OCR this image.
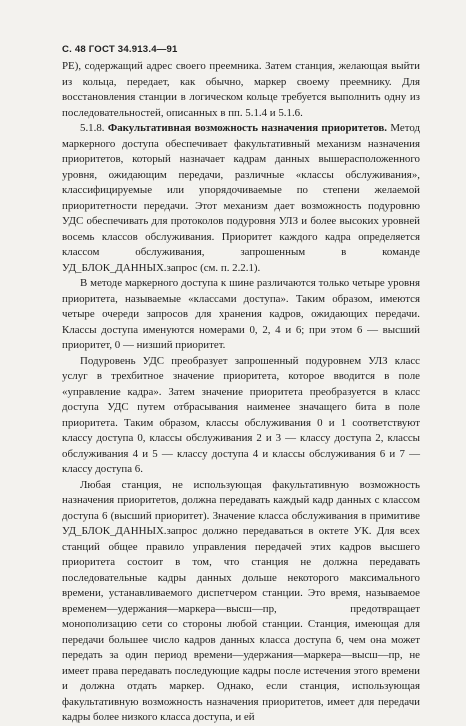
С. 48 ГОСТ 34.913.4—91

РЕ), содержащий адрес своего преемника. Затем станция, желающая выйти из кольца, передает, как обычно, маркер своему преемнику. Для восстановления станции в логическом кольце требуется выполнить одну из последовательностей, описанных в пп. 5.1.4 и 5.1.6.

5.1.8. Факультативная возможность назначения приоритетов. Метод маркерного доступа обеспечивает факультативный механизм назначения приоритетов, который назначает кадрам данных вышерасположенного уровня, ожидающим передачи, различные «классы обслуживания», классифицируемые или упорядочиваемые по степени желаемой приоритетности передачи. Этот механизм дает возможность подуровню УДС обеспечивать для протоколов подуровня УЛЗ и более высоких уровней восемь классов обслуживания. Приоритет каждого кадра определяется классом обслуживания, запрошенным в команде УД_БЛОК_ДАННЫХ.запрос (см. п. 2.2.1).

В методе маркерного доступа к шине различаются только четыре уровня приоритета, называемые «классами доступа». Таким образом, имеются четыре очереди запросов для хранения кадров, ожидающих передачи. Классы доступа именуются номерами 0, 2, 4 и 6; при этом 6 — высший приоритет, 0 — низший приоритет.

Подуровень УДС преобразует запрошенный подуровнем УЛЗ класс услуг в трехбитное значение приоритета, которое вводится в поле «управление кадра». Затем значение приоритета преобразуется в класс доступа УДС путем отбрасывания наименее значащего бита в поле приоритета. Таким образом, классы обслуживания 0 и 1 соответствуют классу доступа 0, классы обслуживания 2 и 3 — классу доступа 2, классы обслуживания 4 и 5 — классу доступа 4 и классы обслуживания 6 и 7 — классу доступа 6.

Любая станция, не использующая факультативную возможность назначения приоритетов, должна передавать каждый кадр данных с классом доступа 6 (высший приоритет). Значение класса обслуживания в примитиве УД_БЛОК_ДАННЫХ.запрос должно передаваться в октете УК. Для всех станций общее правило управления передачей этих кадров высшего приоритета состоит в том, что станция не должна передавать последовательные кадры данных дольше некоторого максимального времени, устанавливаемого диспетчером станции. Это время, называемое временем—удержания—маркера—высш—пр, предотвращает монополизацию сети со стороны любой станции. Станция, имеющая для передачи большее число кадров данных класса доступа 6, чем она может передать за один период времени—удержания—маркера—высш—пр, не имеет права передавать последующие кадры после истечения этого времени и должна отдать маркер. Однако, если станция, использующая факультативную возможность назначения приоритетов, имеет для передачи кадры более низкого класса доступа, и ей
